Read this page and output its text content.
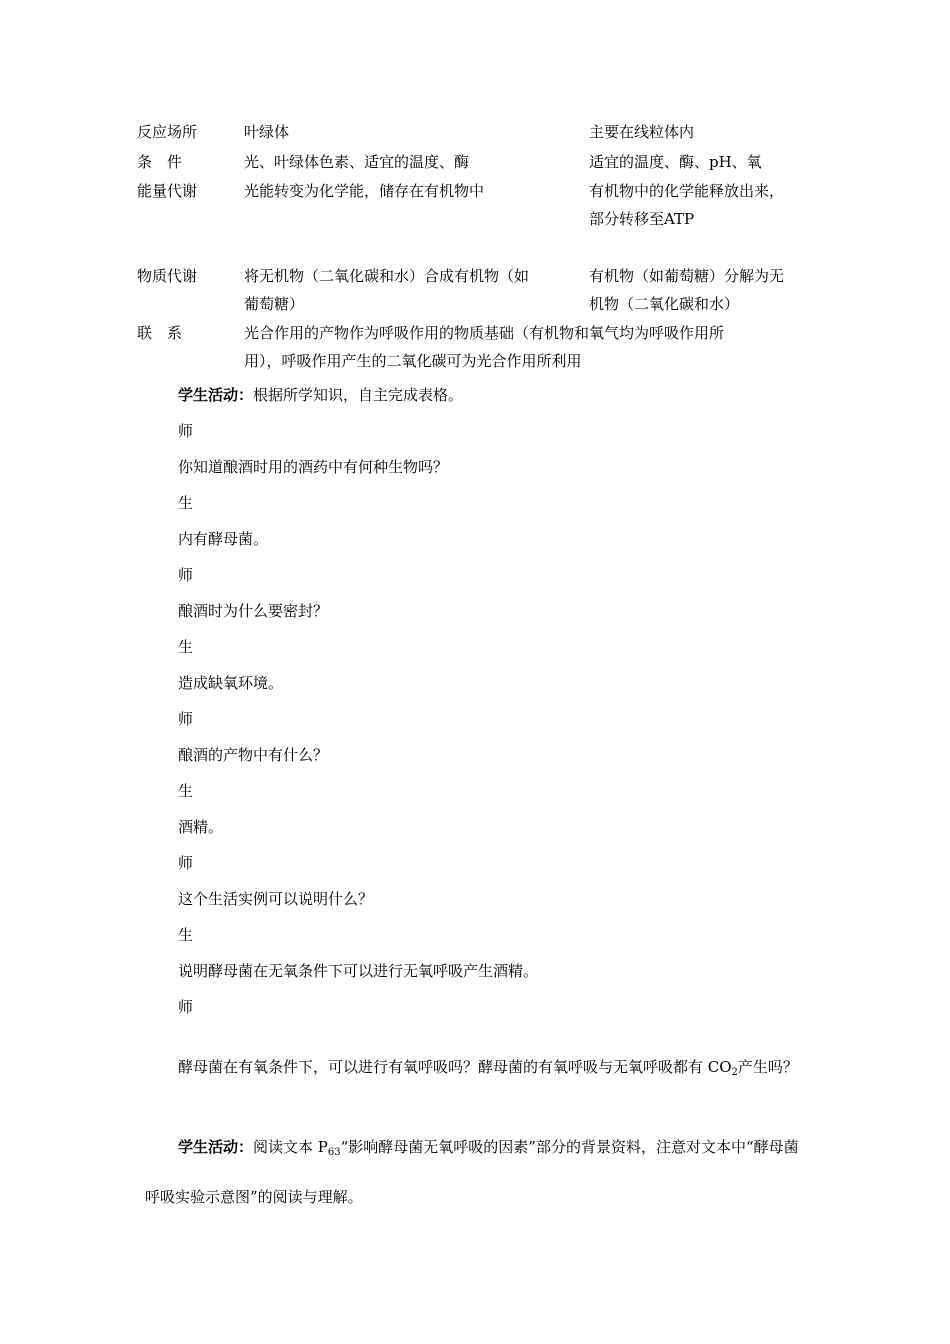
反应场所	叶绿体	主要在线粒体内
条　件	光、叶绿体色素、适宜的温度、酶	适宜的温度、酶、pH、氧
能量代谢	光能转变为化学能，储存在有机物中	有机物中的化学能释放出来，
部分转移至ATP
物质代谢	将无机物（二氧化碳和水）合成有机物（如	有机物（如葡萄糖）分解为无
葡萄糖）	机物（二氧化碳和水）
联　系	光合作用的产物作为呼吸作用的物质基础（有机物和氧气均为呼吸作用所
用），呼吸作用产生的二氧化碳可为光合作用所利用
学生活动：根据所学知识，自主完成表格。
师
你知道酿酒时用的酒药中有何种生物吗？
生
内有酵母菌。
师
酿酒时为什么要密封？
生
造成缺氧环境。
师
酿酒的产物中有什么？
生
酒精。
师
这个生活实例可以说明什么？
生
说明酵母菌在无氧条件下可以进行无氧呼吸产生酒精。
师
酵母菌在有氧条件下，可以进行有氧呼吸吗？酵母菌的有氧呼吸与无氧呼吸都有 $CO_2$产生吗？
学生活动：阅读文本 $P_{63}“$影响酵母菌无氧呼吸的因素”部分的背景资料，注意对文本中“酵母菌呼吸实验示意图”的阅读与理解。
